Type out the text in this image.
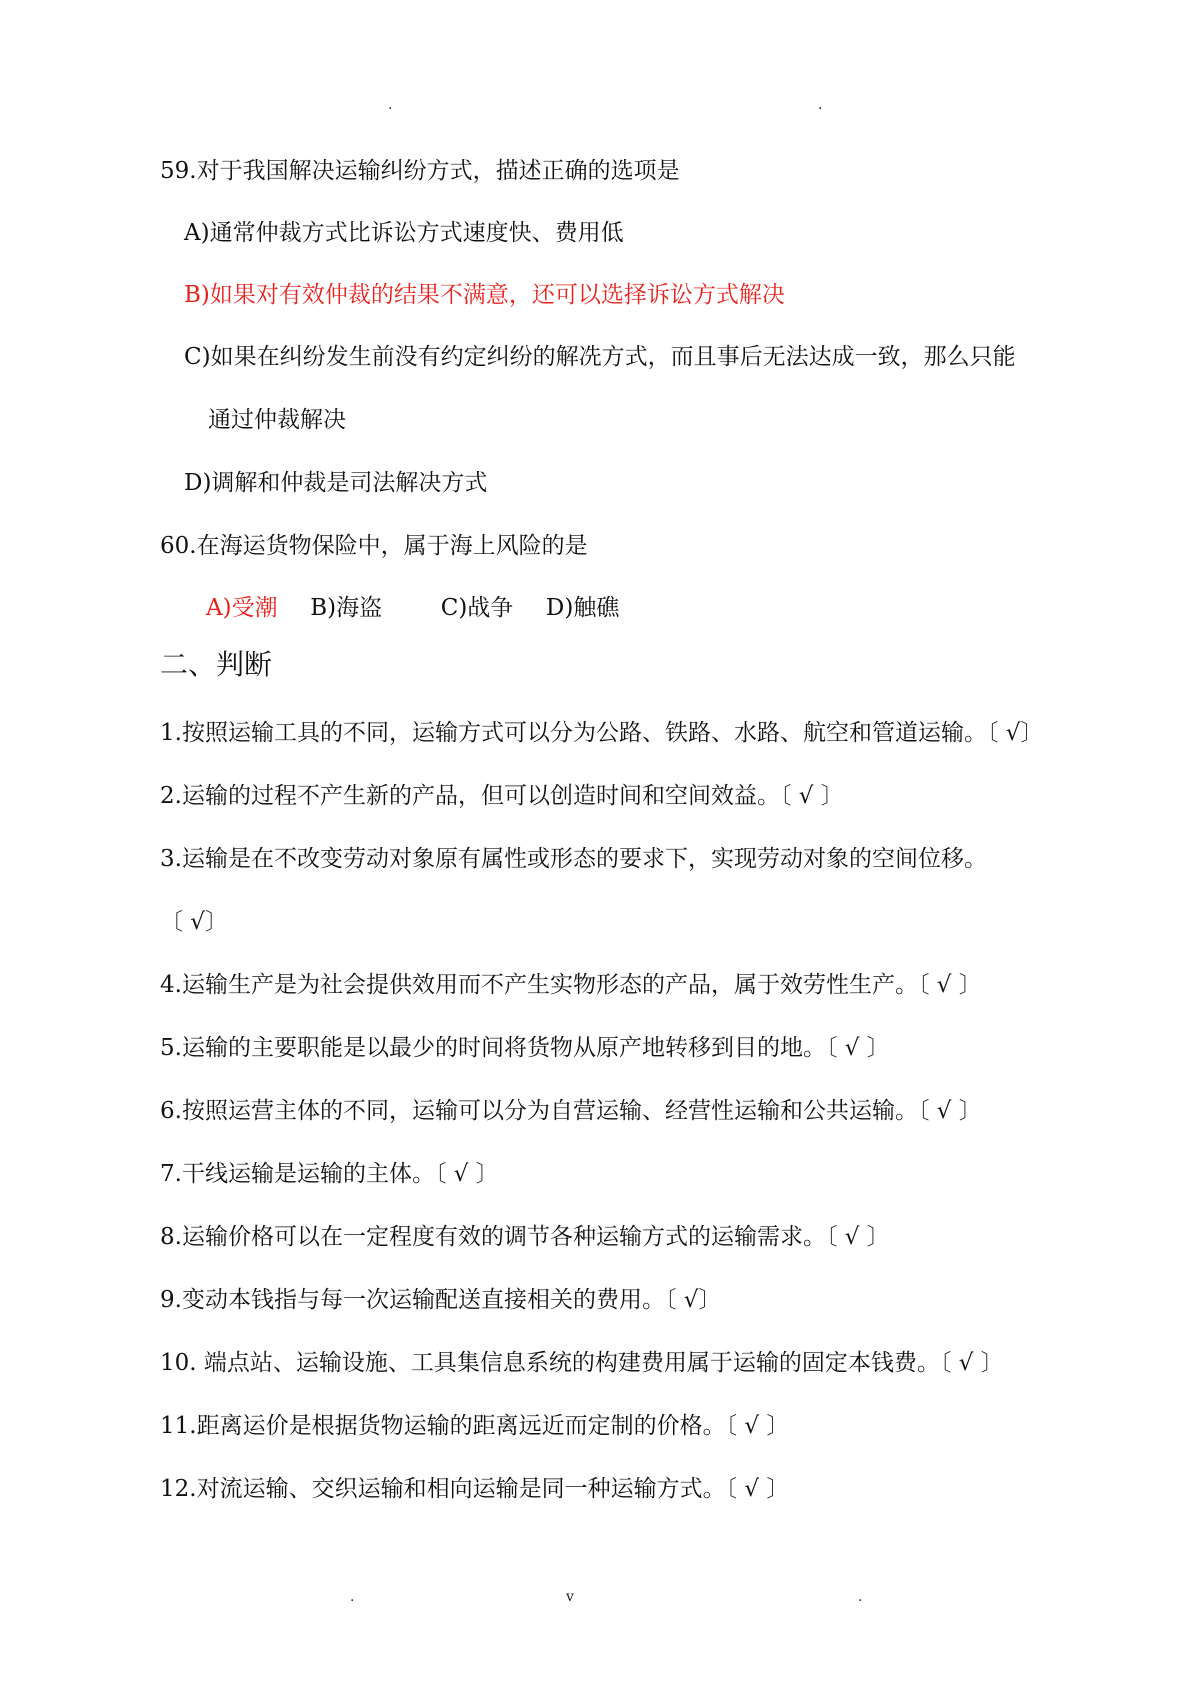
.	.
59.对于我国解决运输纠纷方式，描述正确的选项是
A)通常仲裁方式比诉讼方式速度快、费用低
B)如果对有效仲裁的结果不满意，还可以选择诉讼方式解决
C)如果在纠纷发生前没有约定纠纷的解冼方式，而且事后无法达成一致，那么只能
通过仲裁解决
D)调解和仲裁是司法解决方式
60.在海运货物保险中，属于海上风险的是
A)受潮 B)海盗	C)战争 D)触礁
二、判断
1.按照运输工具的不同，运输方式可以分为公路、铁路、水路、航空和管道运输。〔 √〕
2.运输的过程不产生新的产品，但可以创造时间和空间效益。〔 √ 〕
3.运输是在不改变劳动对象原有属性或形态的要求下，实现劳动对象的空间位移。
〔 √〕
4.运输生产是为社会提供效用而不产生实物形态的产品，属于效劳性生产。〔 √ 〕
5.运输的主要职能是以最少的时间将货物从原产地转移到目的地。〔 √ 〕
6.按照运营主体的不同，运输可以分为自营运输、经营性运输和公共运输。〔 √ 〕
7.干线运输是运输的主体。〔 √ 〕
8.运输价格可以在一定程度有效的调节各种运输方式的运输需求。〔 √ 〕
9.变动本钱指与每一次运输配送直接相关的费用。〔 √〕
10. 端点站、运输设施、工具集信息系统的构建费用属于运输的固定本钱费。〔 √ 〕
11.距离运价是根据货物运输的距离远近而定制的价格。〔 √ 〕
12.对流运输、交织运输和相向运输是同一种运输方式。〔 √ 〕
.	v	.
